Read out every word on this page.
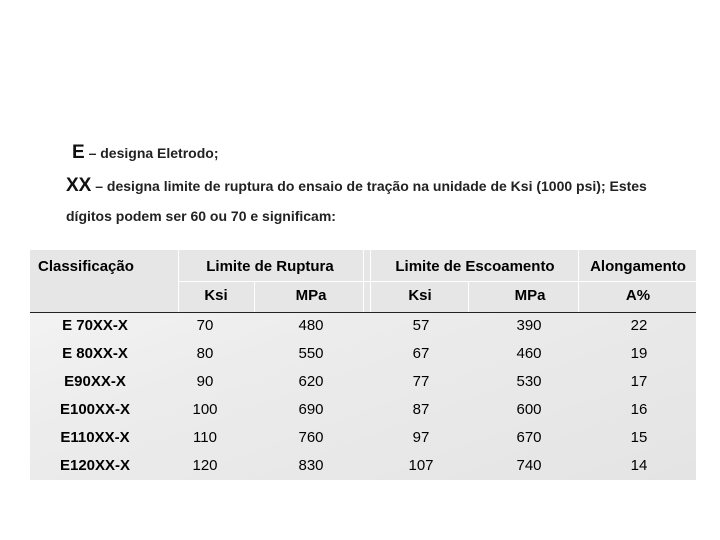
E – designa Eletrodo;
XX – designa limite de ruptura do ensaio de tração na unidade de Ksi (1000 psi); Estes
dígitos podem ser 60 ou 70 e significam:
Classificação	Limite de Ruptura	Limite de Escoamento	Alongamento
Ksi	MPa	Ksi	MPa	A%
E 70XX-X	70	480	57	390	22
E 80XX-X	80	550	67	460	19
E90XX-X	90	620	77	530	17
E100XX-X	100	690	87	600	16
E110XX-X	110	760	97	670	15
E120XX-X	120	830	107	740	14
